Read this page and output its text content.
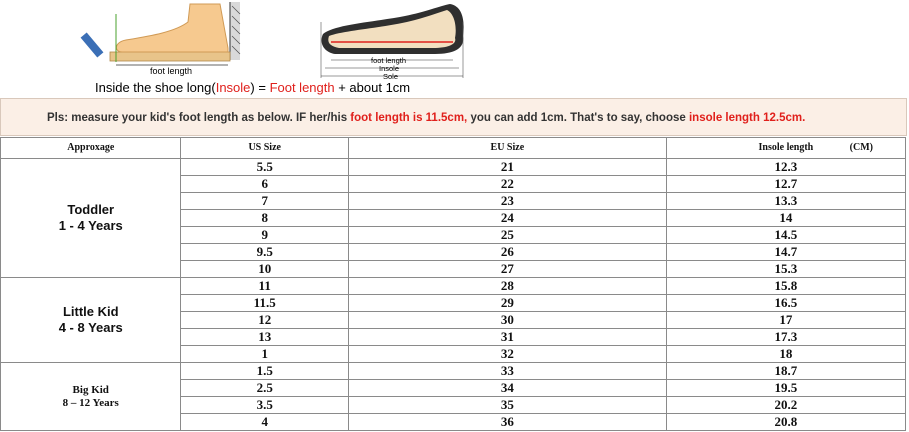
foot length
foot length
Insole
Sole
Inside the shoe long(Insole) = Foot length + about 1cm
Pls: measure your kid's foot length as below. IF her/his foot length is 11.5cm, you can add 1cm. That's to say, choose insole length 12.5cm.
Approxage	US Size	EU Size	Insole length (CM)

Toddler
1 - 4 Years	5.5	21	12.3
	6	22	12.7
	7	23	13.3
	8	24	14
	9	25	14.5
	9.5	26	14.7
	10	27	15.3

Little Kid
4 - 8 Years	11	28	15.8
	11.5	29	16.5
	12	30	17
	13	31	17.3
	1	32	18

Big Kid
8 – 12 Years	1.5	33	18.7
	2.5	34	19.5
	3.5	35	20.2
	4	36	20.8
